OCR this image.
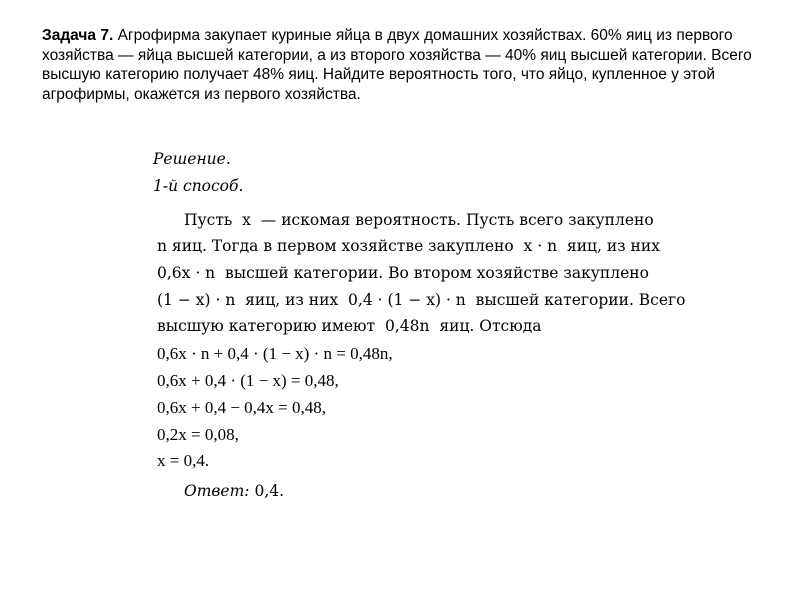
Задача 7. Агрофирма закупает куриные яйца в двух домашних хозяйствах. 60% яиц из первого хозяйства — яйца высшей категории, а из второго хозяйства — 40% яиц высшей категории. Всего высшую категорию получает 48% яиц. Найдите вероятность того, что яйцо, купленное у этой агрофирмы, окажется из первого хозяйства.

Решение.
1-й способ.
Пусть  x  — искомая вероятность. Пусть всего закуплено
n яиц. Тогда в первом хозяйстве закуплено  x · n  яиц, из них
0,6x · n  высшей категории. Во втором хозяйстве закуплено
(1 − x) · n  яиц, из них  0,4 · (1 − x) · n  высшей категории. Всего
высшую категорию имеют  0,48n  яиц. Отсюда
0,6x · n + 0,4 · (1 − x) · n = 0,48n,
0,6x + 0,4 · (1 − x) = 0,48,
0,6x + 0,4 − 0,4x = 0,48,
0,2x = 0,08,
x = 0,4.
Ответ: 0,4.
